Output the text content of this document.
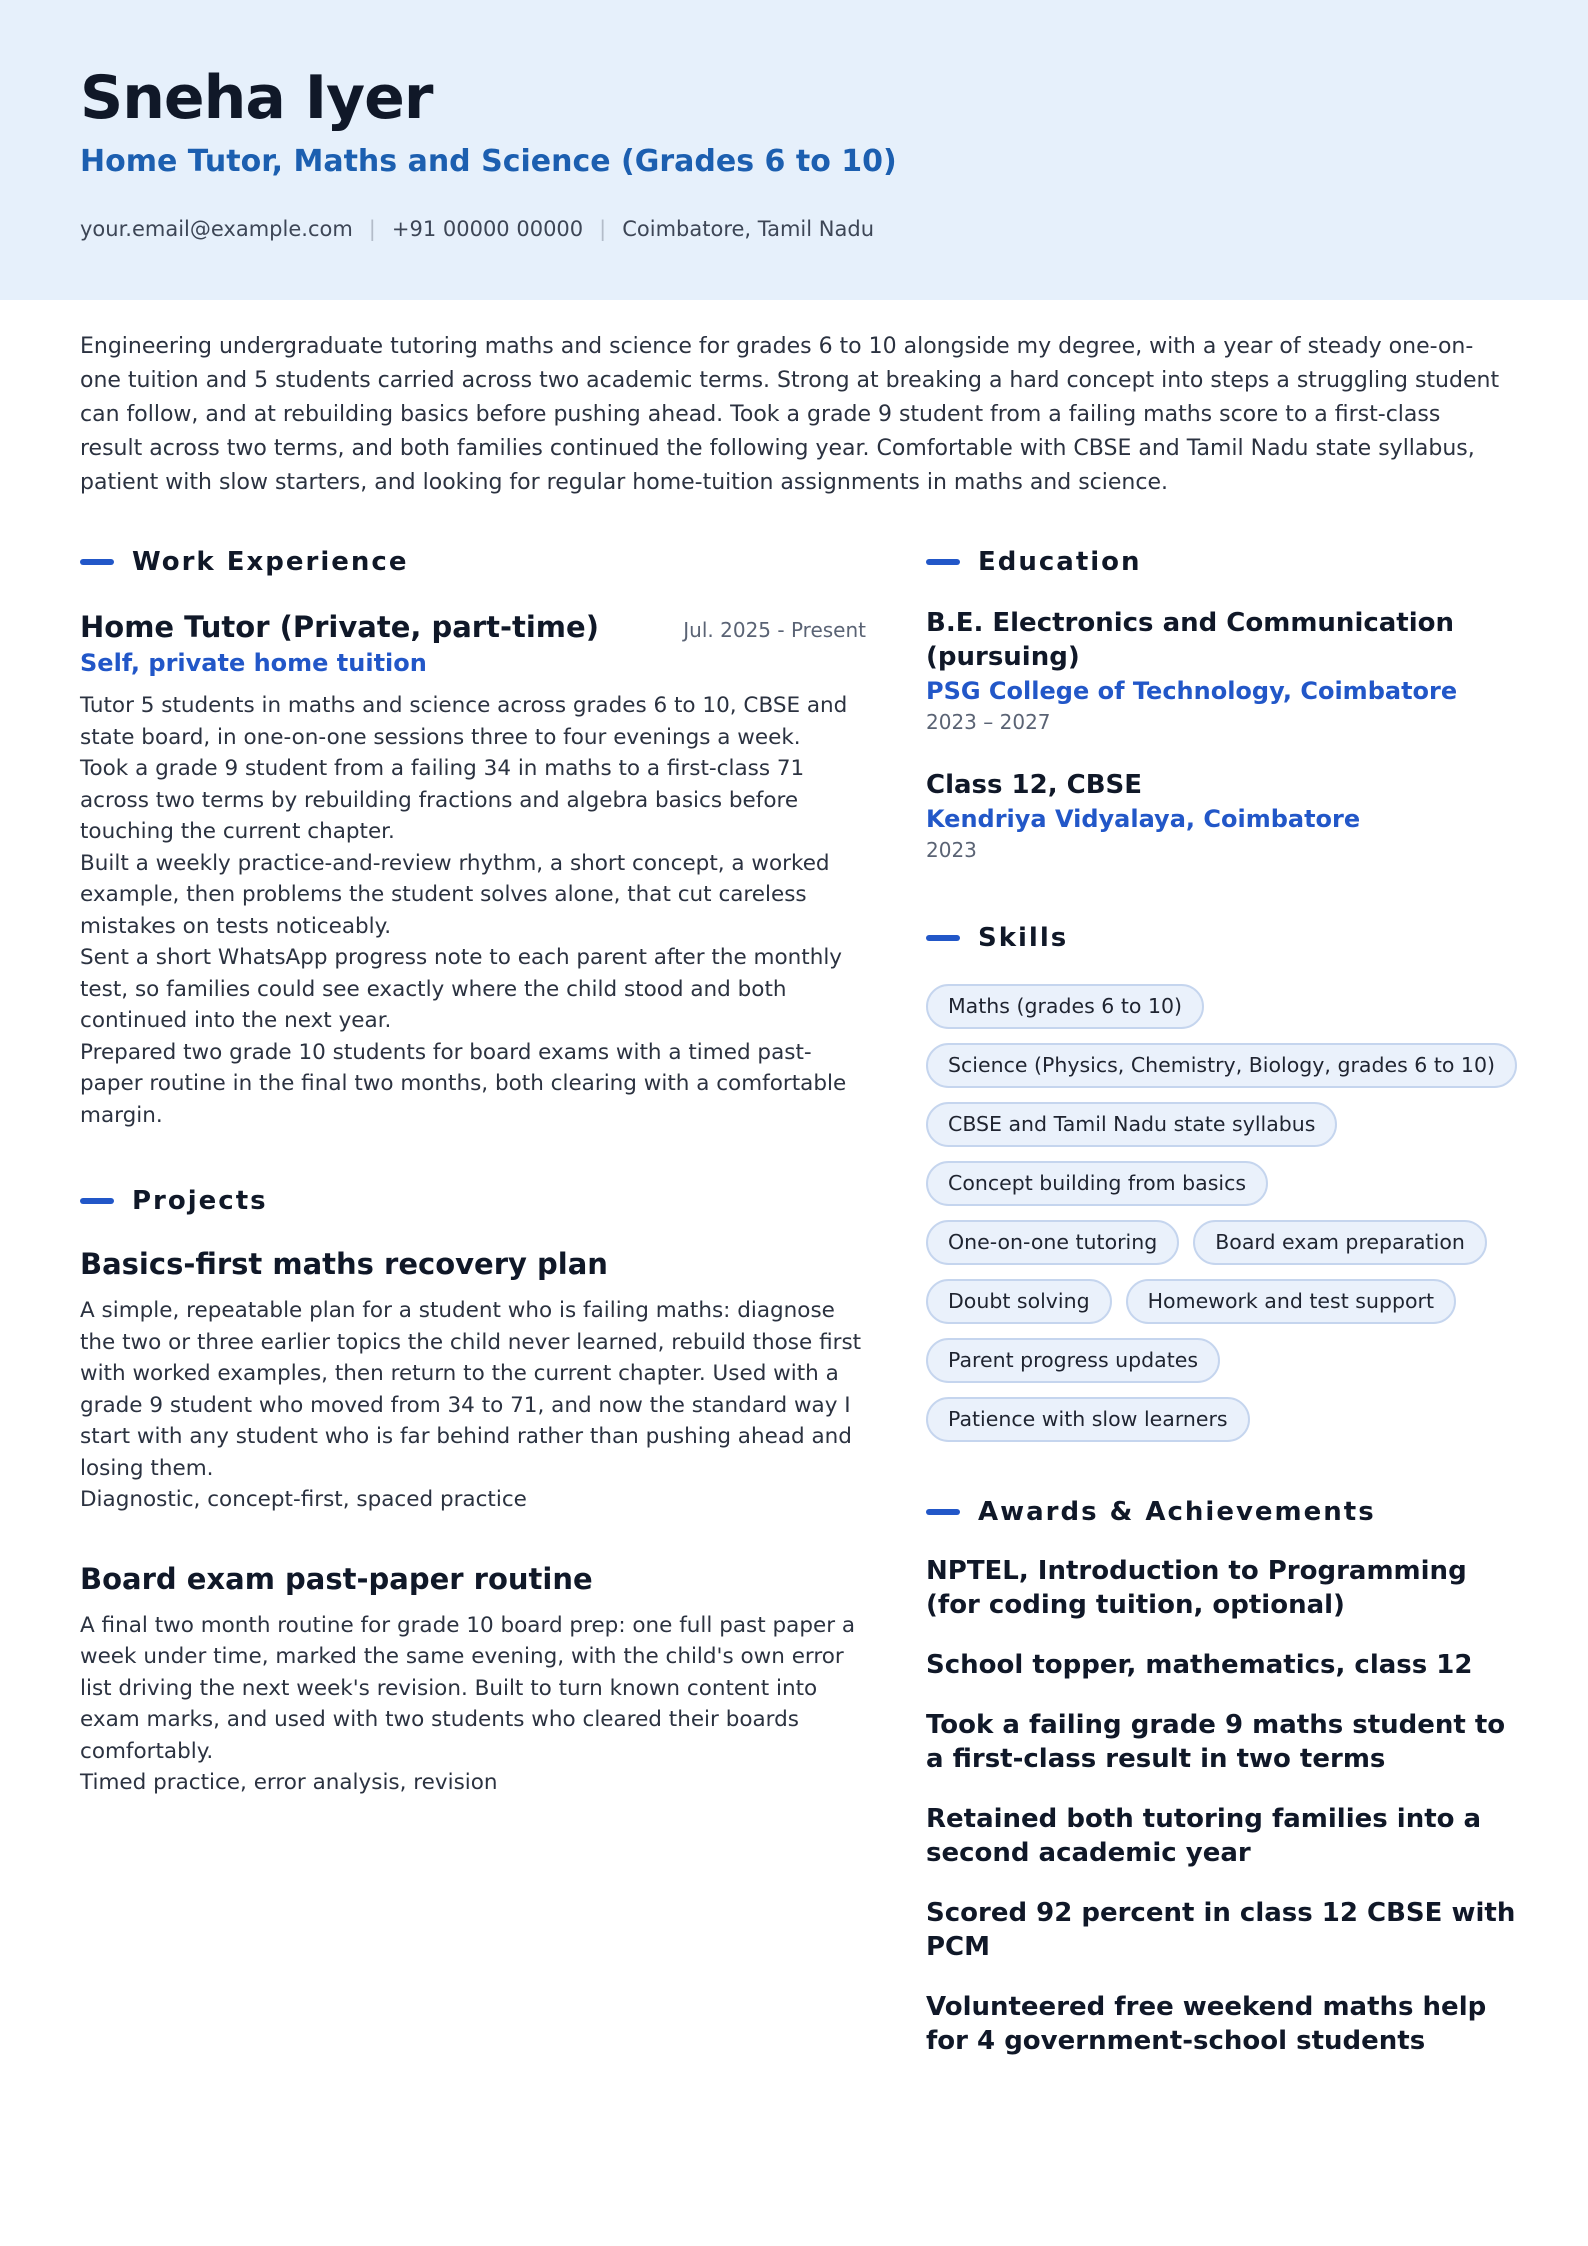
Sneha Iyer
Home Tutor, Maths and Science (Grades 6 to 10)
your.email@example.com | +91 00000 00000 | Coimbatore, Tamil Nadu

Engineering undergraduate tutoring maths and science for grades 6 to 10 alongside my degree, with a year of steady one-on-one tuition and 5 students carried across two academic terms. Strong at breaking a hard concept into steps a struggling student can follow, and at rebuilding basics before pushing ahead. Took a grade 9 student from a failing maths score to a first-class result across two terms, and both families continued the following year. Comfortable with CBSE and Tamil Nadu state syllabus, patient with slow starters, and looking for regular home-tuition assignments in maths and science.

Work Experience
Home Tutor (Private, part-time)	Jul. 2025 - Present
Self, private home tuition
Tutor 5 students in maths and science across grades 6 to 10, CBSE and state board, in one-on-one sessions three to four evenings a week.
Took a grade 9 student from a failing 34 in maths to a first-class 71 across two terms by rebuilding fractions and algebra basics before touching the current chapter.
Built a weekly practice-and-review rhythm, a short concept, a worked example, then problems the student solves alone, that cut careless mistakes on tests noticeably.
Sent a short WhatsApp progress note to each parent after the monthly test, so families could see exactly where the child stood and both continued into the next year.
Prepared two grade 10 students for board exams with a timed past-paper routine in the final two months, both clearing with a comfortable margin.
Projects
Basics-first maths recovery plan
A simple, repeatable plan for a student who is failing maths: diagnose the two or three earlier topics the child never learned, rebuild those first with worked examples, then return to the current chapter. Used with a grade 9 student who moved from 34 to 71, and now the standard way I start with any student who is far behind rather than pushing ahead and losing them.
Diagnostic, concept-first, spaced practice
Board exam past-paper routine
A final two month routine for grade 10 board prep: one full past paper a week under time, marked the same evening, with the child's own error list driving the next week's revision. Built to turn known content into exam marks, and used with two students who cleared their boards comfortably.
Timed practice, error analysis, revision
Education
B.E. Electronics and Communication (pursuing)
PSG College of Technology, Coimbatore
2023 – 2027
Class 12, CBSE
Kendriya Vidyalaya, Coimbatore
2023
Skills
Maths (grades 6 to 10)
Science (Physics, Chemistry, Biology, grades 6 to 10)
CBSE and Tamil Nadu state syllabus
Concept building from basics
One-on-one tutoring	Board exam preparation
Doubt solving	Homework and test support
Parent progress updates
Patience with slow learners
Awards & Achievements
NPTEL, Introduction to Programming (for coding tuition, optional)
School topper, mathematics, class 12
Took a failing grade 9 maths student to a first-class result in two terms
Retained both tutoring families into a second academic year
Scored 92 percent in class 12 CBSE with PCM
Volunteered free weekend maths help for 4 government-school students
